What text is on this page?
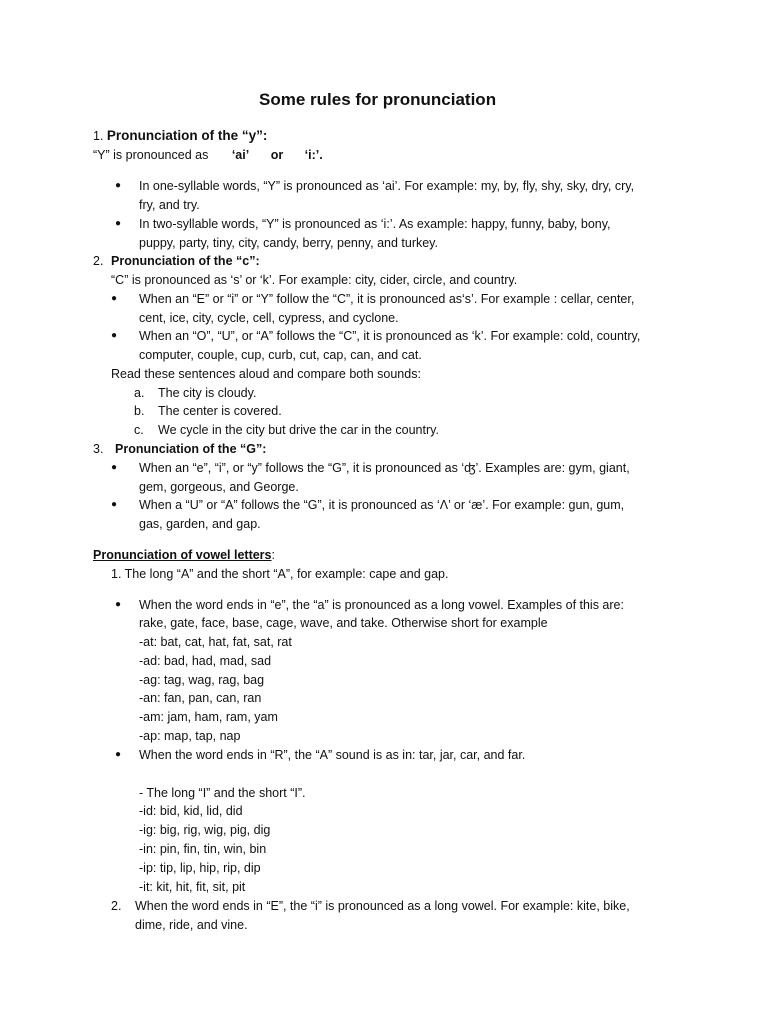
Some rules for pronunciation
1. Pronunciation of the “y”:
“Y” is pronounced as ‘ai’ or ‘i:’.
● In one-syllable words, “Y” is pronounced as ‘ai’. For example: my, by, fly, shy, sky, dry, cry,
fry, and try.
● In two-syllable words, “Y” is pronounced as ‘i:’. As example: happy, funny, baby, bony,
puppy, party, tiny, city, candy, berry, penny, and turkey.
2. Pronunciation of the “c”:
“C” is pronounced as ‘s’ or ‘k’. For example: city, cider, circle, and country.
● When an “E” or “i” or “Y” follow the “C”, it is pronounced as‘s’. For example : cellar, center,
cent, ice, city, cycle, cell, cypress, and cyclone.
● When an “O”, “U”, or “A” follows the “C”, it is pronounced as ‘k’. For example: cold, country,
computer, couple, cup, curb, cut, cap, can, and cat.
Read these sentences aloud and compare both sounds:
a. The city is cloudy.
b. The center is covered.
c. We cycle in the city but drive the car in the country.
3. Pronunciation of the “G”:
● When an “e”, “i”, or “y” follows the “G”, it is pronounced as ‘ʤ’. Examples are: gym, giant,
gem, gorgeous, and George.
● When a “U” or “A” follows the “G”, it is pronounced as ‘Λ’ or ‘æ’. For example: gun, gum,
gas, garden, and gap.
Pronunciation of vowel letters:
1. The long “A” and the short “A”, for example: cape and gap.
● When the word ends in “e”, the “a” is pronounced as a long vowel. Examples of this are:
rake, gate, face, base, cage, wave, and take. Otherwise short for example
-at: bat, cat, hat, fat, sat, rat
-ad: bad, had, mad, sad
-ag: tag, wag, rag, bag
-an: fan, pan, can, ran
-am: jam, ham, ram, yam
-ap: map, tap, nap
● When the word ends in “R”, the “A” sound is as in: tar, jar, car, and far.
- The long “I” and the short “I”.
-id: bid, kid, lid, did
-ig: big, rig, wig, pig, dig
-in: pin, fin, tin, win, bin
-ip: tip, lip, hip, rip, dip
-it: kit, hit, fit, sit, pit
2. When the word ends in “E”, the “i” is pronounced as a long vowel. For example: kite, bike,
dime, ride, and vine.
